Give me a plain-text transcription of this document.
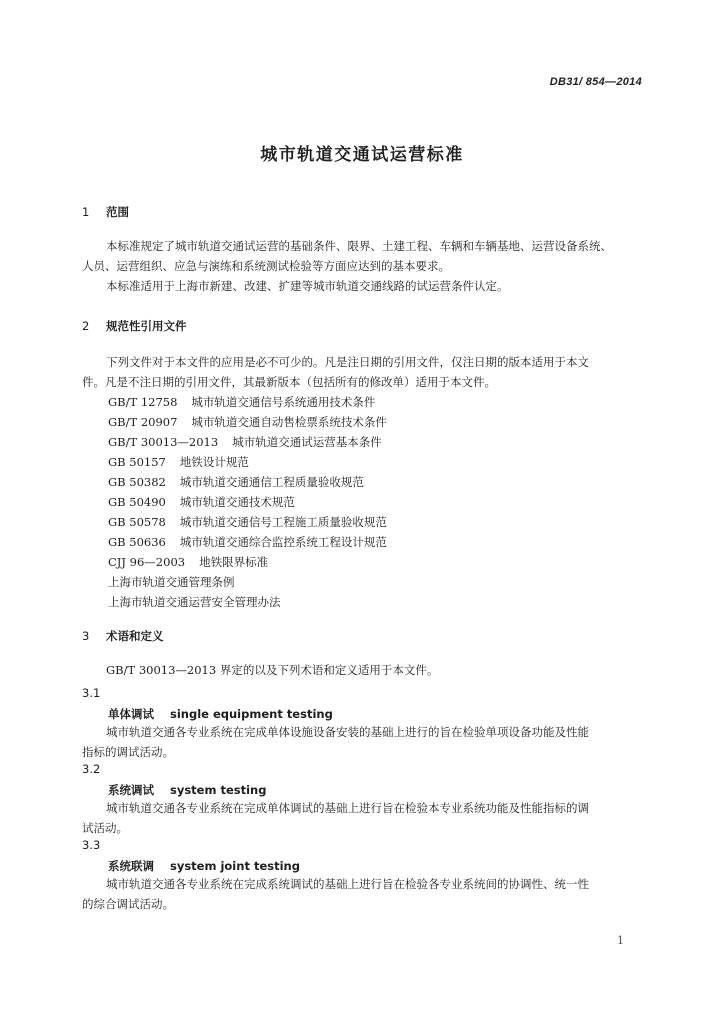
DB31/ 854—2014
城市轨道交通试运营标准
1 范围
本标准规定了城市轨道交通试运营的基础条件、限界、土建工程、车辆和车辆基地、运营设备系统、
人员、运营组织、应急与演练和系统测试检验等方面应达到的基本要求。
本标准适用于上海市新建、改建、扩建等城市轨道交通线路的试运营条件认定。
2 规范性引用文件
下列文件对于本文件的应用是必不可少的。凡是注日期的引用文件，仅注日期的版本适用于本文
件。凡是不注日期的引用文件，其最新版本（包括所有的修改单）适用于本文件。
GB/T 12758 城市轨道交通信号系统通用技术条件
GB/T 20907 城市轨道交通自动售检票系统技术条件
GB/T 30013—2013 城市轨道交通试运营基本条件
GB 50157 地铁设计规范
GB 50382 城市轨道交通通信工程质量验收规范
GB 50490 城市轨道交通技术规范
GB 50578 城市轨道交通信号工程施工质量验收规范
GB 50636 城市轨道交通综合监控系统工程设计规范
CJJ 96—2003 地铁限界标准
上海市轨道交通管理条例
上海市轨道交通运营安全管理办法
3 术语和定义
GB/T 30013—2013 界定的以及下列术语和定义适用于本文件。
3.1
单体调试 single equipment testing
城市轨道交通各专业系统在完成单体设施设备安装的基础上进行的旨在检验单项设备功能及性能
指标的调试活动。
3.2
系统调试 system testing
城市轨道交通各专业系统在完成单体调试的基础上进行旨在检验本专业系统功能及性能指标的调
试活动。
3.3
系统联调 system joint testing
城市轨道交通各专业系统在完成系统调试的基础上进行旨在检验各专业系统间的协调性、统一性
的综合调试活动。
1
